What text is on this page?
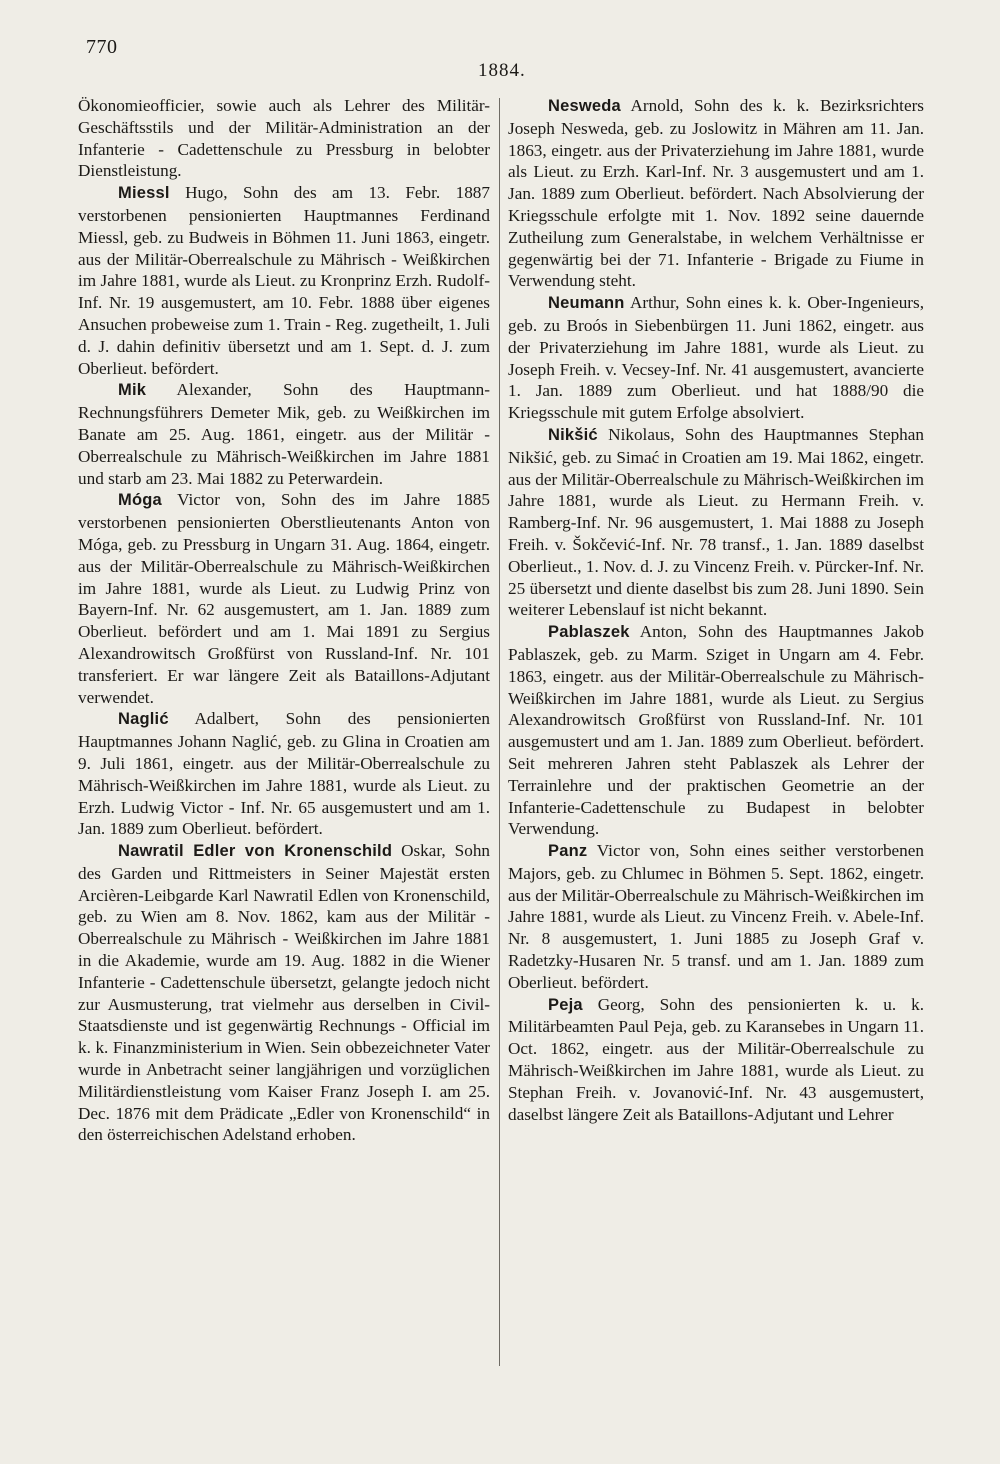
770
1884.

Ökonomieofficier, sowie auch als Lehrer des Militär-Geschäftsstils und der Militär-Administration an der Infanterie - Cadettenschule zu Pressburg in belobter Dienstleistung.

Miessl Hugo, Sohn des am 13. Febr. 1887 verstorbenen pensionierten Hauptmannes Ferdinand Miessl, geb. zu Budweis in Böhmen 11. Juni 1863, eingetr. aus der Militär-Oberrealschule zu Mährisch - Weißkirchen im Jahre 1881, wurde als Lieut. zu Kronprinz Erzh. Rudolf-Inf. Nr. 19 ausgemustert, am 10. Febr. 1888 über eigenes Ansuchen probeweise zum 1. Train - Reg. zugetheilt, 1. Juli d. J. dahin definitiv übersetzt und am 1. Sept. d. J. zum Oberlieut. befördert.

Mik Alexander, Sohn des Hauptmann-Rechnungsführers Demeter Mik, geb. zu Weißkirchen im Banate am 25. Aug. 1861, eingetr. aus der Militär - Oberrealschule zu Mährisch-Weißkirchen im Jahre 1881 und starb am 23. Mai 1882 zu Peterwardein.

Móga Victor von, Sohn des im Jahre 1885 verstorbenen pensionierten Oberstlieutenants Anton von Móga, geb. zu Pressburg in Ungarn 31. Aug. 1864, eingetr. aus der Militär-Oberrealschule zu Mährisch-Weißkirchen im Jahre 1881, wurde als Lieut. zu Ludwig Prinz von Bayern-Inf. Nr. 62 ausgemustert, am 1. Jan. 1889 zum Oberlieut. befördert und am 1. Mai 1891 zu Sergius Alexandrowitsch Großfürst von Russland-Inf. Nr. 101 transferiert. Er war längere Zeit als Bataillons-Adjutant verwendet.

Naglić Adalbert, Sohn des pensionierten Hauptmannes Johann Naglić, geb. zu Glina in Croatien am 9. Juli 1861, eingetr. aus der Militär-Oberrealschule zu Mährisch-Weißkirchen im Jahre 1881, wurde als Lieut. zu Erzh. Ludwig Victor - Inf. Nr. 65 ausgemustert und am 1. Jan. 1889 zum Oberlieut. befördert.

Nawratil Edler von Kronenschild Oskar, Sohn des Garden und Rittmeisters in Seiner Majestät ersten Arcièren-Leibgarde Karl Nawratil Edlen von Kronenschild, geb. zu Wien am 8. Nov. 1862, kam aus der Militär - Oberrealschule zu Mährisch - Weißkirchen im Jahre 1881 in die Akademie, wurde am 19. Aug. 1882 in die Wiener Infanterie - Cadettenschule übersetzt, gelangte jedoch nicht zur Ausmusterung, trat vielmehr aus derselben in Civil-Staatsdienste und ist gegenwärtig Rechnungs - Official im k. k. Finanzministerium in Wien. Sein obbezeichneter Vater wurde in Anbetracht seiner langjährigen und vorzüglichen Militärdienstleistung vom Kaiser Franz Joseph I. am 25. Dec. 1876 mit dem Prädicate „Edler von Kronenschild“ in den österreichischen Adelstand erhoben.

Nesweda Arnold, Sohn des k. k. Bezirksrichters Joseph Nesweda, geb. zu Joslowitz in Mähren am 11. Jan. 1863, eingetr. aus der Privaterziehung im Jahre 1881, wurde als Lieut. zu Erzh. Karl-Inf. Nr. 3 ausgemustert und am 1. Jan. 1889 zum Oberlieut. befördert. Nach Absolvierung der Kriegsschule erfolgte mit 1. Nov. 1892 seine dauernde Zutheilung zum Generalstabe, in welchem Verhältnisse er gegenwärtig bei der 71. Infanterie - Brigade zu Fiume in Verwendung steht.

Neumann Arthur, Sohn eines k. k. Ober-Ingenieurs, geb. zu Broós in Siebenbürgen 11. Juni 1862, eingetr. aus der Privaterziehung im Jahre 1881, wurde als Lieut. zu Joseph Freih. v. Vecsey-Inf. Nr. 41 ausgemustert, avancierte 1. Jan. 1889 zum Oberlieut. und hat 1888/90 die Kriegsschule mit gutem Erfolge absolviert.

Nikšić Nikolaus, Sohn des Hauptmannes Stephan Nikšić, geb. zu Simać in Croatien am 19. Mai 1862, eingetr. aus der Militär-Oberrealschule zu Mährisch-Weißkirchen im Jahre 1881, wurde als Lieut. zu Hermann Freih. v. Ramberg-Inf. Nr. 96 ausgemustert, 1. Mai 1888 zu Joseph Freih. v. Šokčević-Inf. Nr. 78 transf., 1. Jan. 1889 daselbst Oberlieut., 1. Nov. d. J. zu Vincenz Freih. v. Pürcker-Inf. Nr. 25 übersetzt und diente daselbst bis zum 28. Juni 1890. Sein weiterer Lebenslauf ist nicht bekannt.

Pablaszek Anton, Sohn des Hauptmannes Jakob Pablaszek, geb. zu Marm. Sziget in Ungarn am 4. Febr. 1863, eingetr. aus der Militär-Oberrealschule zu Mährisch-Weißkirchen im Jahre 1881, wurde als Lieut. zu Sergius Alexandrowitsch Großfürst von Russland-Inf. Nr. 101 ausgemustert und am 1. Jan. 1889 zum Oberlieut. befördert. Seit mehreren Jahren steht Pablaszek als Lehrer der Terrainlehre und der praktischen Geometrie an der Infanterie-Cadettenschule zu Budapest in belobter Verwendung.

Panz Victor von, Sohn eines seither verstorbenen Majors, geb. zu Chlumec in Böhmen 5. Sept. 1862, eingetr. aus der Militär-Oberrealschule zu Mährisch-Weißkirchen im Jahre 1881, wurde als Lieut. zu Vincenz Freih. v. Abele-Inf. Nr. 8 ausgemustert, 1. Juni 1885 zu Joseph Graf v. Radetzky-Husaren Nr. 5 transf. und am 1. Jan. 1889 zum Oberlieut. befördert.

Peja Georg, Sohn des pensionierten k. u. k. Militärbeamten Paul Peja, geb. zu Karansebes in Ungarn 11. Oct. 1862, eingetr. aus der Militär-Oberrealschule zu Mährisch-Weißkirchen im Jahre 1881, wurde als Lieut. zu Stephan Freih. v. Jovanović-Inf. Nr. 43 ausgemustert, daselbst längere Zeit als Bataillons-Adjutant und Lehrer
